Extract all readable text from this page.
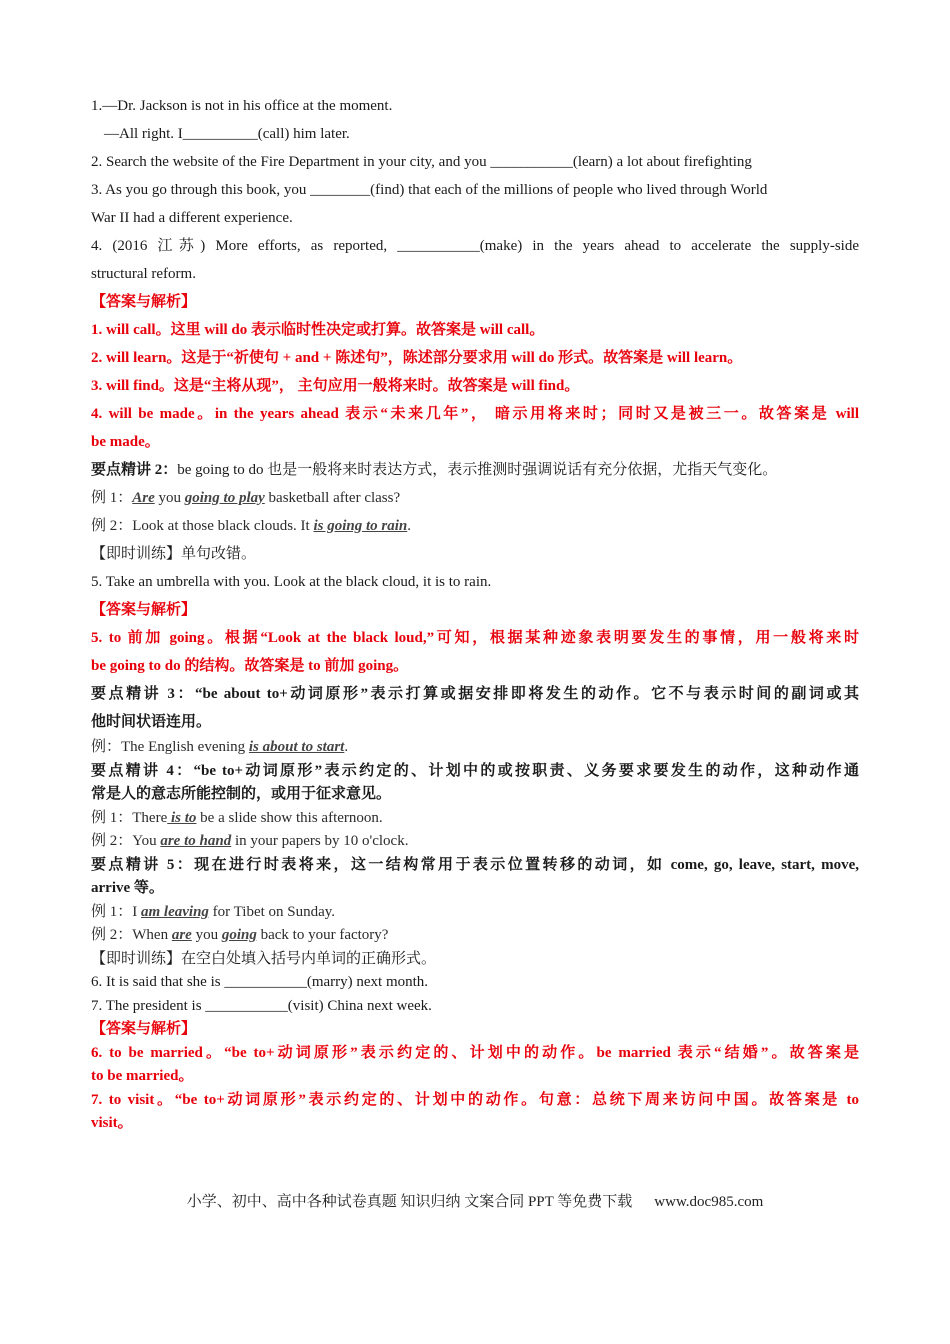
1.—Dr. Jackson is not in his office at the moment.
—All right. I__________(call) him later.
2. Search the website of the Fire Department in your city, and you ___________(learn) a lot about firefighting
3. As you go through this book, you ________(find) that each of the millions of people who lived through World
War II had a different experience.
4. (2016 江苏) More efforts, as reported, ___________(make) in the years ahead to accelerate the supply-side
structural reform.
【答案与解析】
1. will call。这里 will do 表示临时性决定或打算。故答案是 will call。
2. will learn。这是于“祈使句 + and + 陈述句”，陈述部分要求用 will do 形式。故答案是 will learn。
3. will find。这是“主将从现”， 主句应用一般将来时。故答案是 will find。
4. will be made。in the years ahead 表示“未来几年”， 暗示用将来时；同时又是被三一。故答案是 will
be made。
要点精讲 2：be going to do 也是一般将来时表达方式，表示推测时强调说话有充分依据，尤指天气变化。
例 1：Are you going to play basketball after class?
例 2：Look at those black clouds. It is going to rain.
【即时训练】单句改错。
5. Take an umbrella with you. Look at the black cloud, it is to rain.
【答案与解析】
5. to 前加 going。根据“Look at the black loud,”可知，根据某种迹象表明要发生的事情，用一般将来时
be going to do 的结构。故答案是 to 前加 going。
要点精讲 3：“be about to+动词原形”表示打算或据安排即将发生的动作。它不与表示时间的副词或其
他时间状语连用。
例：The English evening is about to start.
要点精讲 4：“be to+动词原形”表示约定的、计划中的或按职责、义务要求要发生的动作，这种动作通
常是人的意志所能控制的，或用于征求意见。
例 1：There is to be a slide show this afternoon.
例 2：You are to hand in your papers by 10 o'clock.
要点精讲 5：现在进行时表将来，这一结构常用于表示位置转移的动词，如 come, go, leave, start, move,
arrive 等。
例 1：I am leaving for Tibet on Sunday.
例 2：When are you going back to your factory?
【即时训练】在空白处填入括号内单词的正确形式。
6. It is said that she is ___________(marry) next month.
7. The president is ___________(visit) China next week.
【答案与解析】
6. to be married。“be to+动词原形”表示约定的、计划中的动作。be married 表示“结婚”。故答案是
to be married。
7. to visit。“be to+动词原形”表示约定的、计划中的动作。句意：总统下周来访问中国。故答案是 to
visit。
小学、初中、高中各种试卷真题 知识归纳 文案合同 PPT 等免费下载 www.doc985.com
